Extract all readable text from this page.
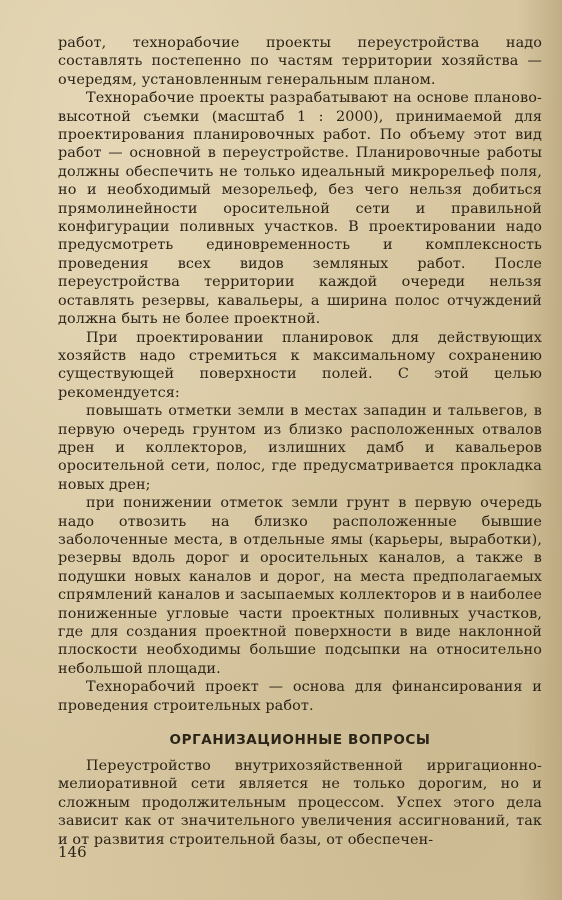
работ, технорабочие проекты переустройства надо составлять постепенно по частям территории хозяйства — очередям, установленным генеральным планом.

Технорабочие проекты разрабатывают на основе планово-высотной съемки (масштаб 1 : 2000), принимаемой для проектирования планировочных работ. По объему этот вид работ — основной в переустройстве. Планировочные работы должны обеспечить не только идеальный микрорельеф поля, но и необходимый мезорельеф, без чего нельзя добиться прямолинейности оросительной сети и правильной конфигурации поливных участков. В проектировании надо предусмотреть единовременность и комплексность проведения всех видов земляных работ. После переустройства территории каждой очереди нельзя оставлять резервы, кавальеры, а ширина полос отчуждений должна быть не более проектной.

При проектировании планировок для действующих хозяйств надо стремиться к максимальному сохранению существующей поверхности полей. С этой целью рекомендуется:

повышать отметки земли в местах западин и тальвегов, в первую очередь грунтом из близко расположенных отвалов дрен и коллекторов, излишних дамб и кавальеров оросительной сети, полос, где предусматривается прокладка новых дрен;

при понижении отметок земли грунт в первую очередь надо отвозить на близко расположенные бывшие заболоченные места, в отдельные ямы (карьеры, выработки), резервы вдоль дорог и оросительных каналов, а также в подушки новых каналов и дорог, на места предполагаемых спрямлений каналов и засыпаемых коллекторов и в наиболее пониженные угловые части проектных поливных участков, где для создания проектной поверхности в виде наклонной плоскости необходимы большие подсыпки на относительно небольшой площади.

Технорабочий проект — основа для финансирования и проведения строительных работ.

ОРГАНИЗАЦИОННЫЕ ВОПРОСЫ

Переустройство внутрихозяйственной ирригационно-мелиоративной сети является не только дорогим, но и сложным продолжительным процессом. Успех этого дела зависит как от значительного увеличения ассигнований, так и от развития строительной базы, от обеспечен-

146
